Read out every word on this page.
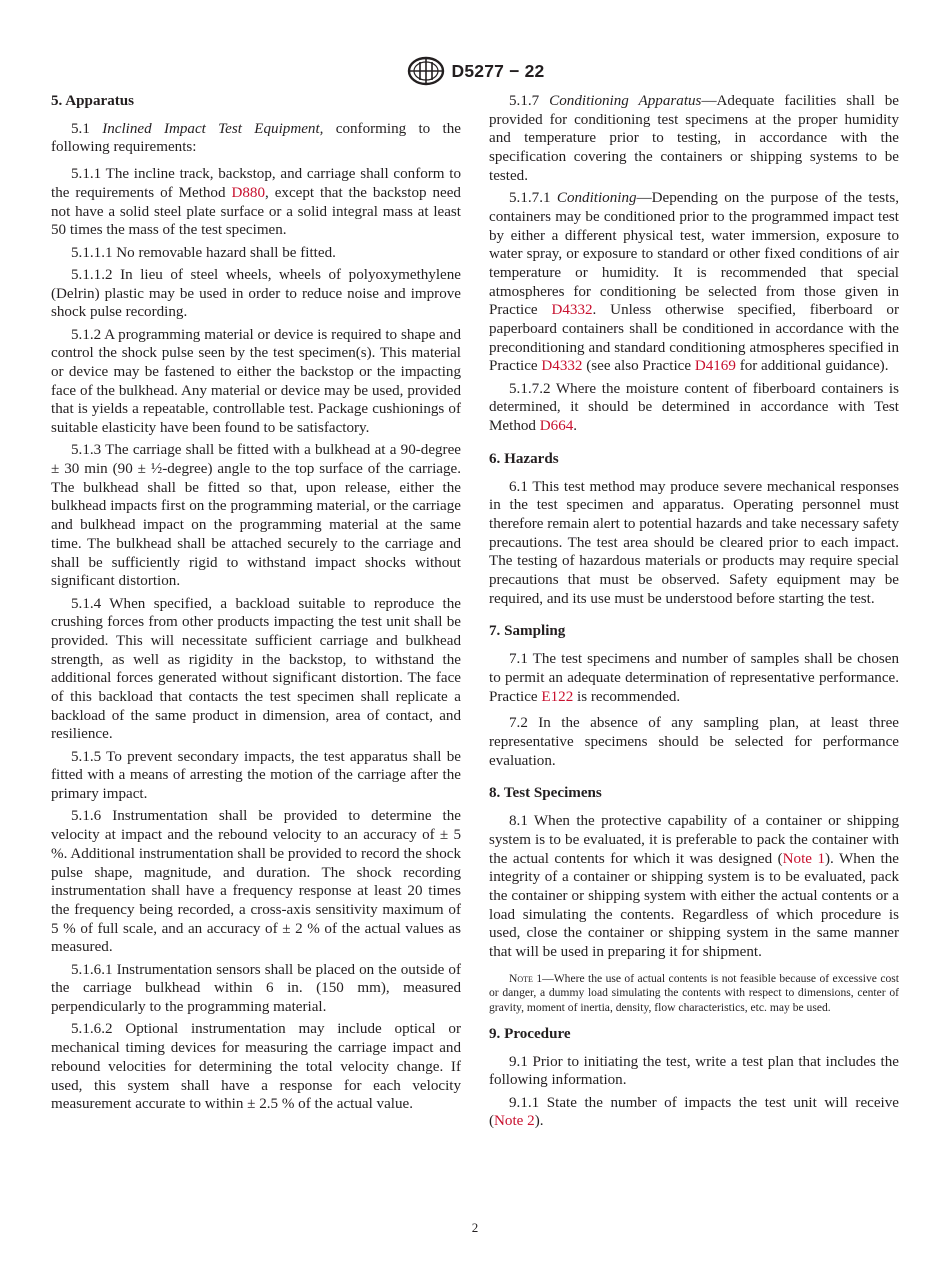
D5277 − 22
5. Apparatus

5.1 Inclined Impact Test Equipment, conforming to the following requirements:

5.1.1 The incline track, backstop, and carriage shall conform to the requirements of Method D880, except that the backstop need not have a solid steel plate surface or a solid integral mass at least 50 times the mass of the test specimen.

5.1.1.1 No removable hazard shall be fitted.

5.1.1.2 In lieu of steel wheels, wheels of polyoxymethylene (Delrin) plastic may be used in order to reduce noise and improve shock pulse recording.

5.1.2 A programming material or device is required to shape and control the shock pulse seen by the test specimen(s). This material or device may be fastened to either the backstop or the impacting face of the bulkhead. Any material or device may be used, provided that is yields a repeatable, controllable test. Package cushionings of suitable elasticity have been found to be satisfactory.

5.1.3 The carriage shall be fitted with a bulkhead at a 90-degree ± 30 min (90 ± ½-degree) angle to the top surface of the carriage. The bulkhead shall be fitted so that, upon release, either the bulkhead impacts first on the programming material, or the carriage and bulkhead impact on the programming material at the same time. The bulkhead shall be attached securely to the carriage and shall be sufficiently rigid to withstand impact shocks without significant distortion.

5.1.4 When specified, a backload suitable to reproduce the crushing forces from other products impacting the test unit shall be provided. This will necessitate sufficient carriage and bulkhead strength, as well as rigidity in the backstop, to withstand the additional forces generated without significant distortion. The face of this backload that contacts the test specimen shall replicate a backload of the same product in dimension, area of contact, and resilience.

5.1.5 To prevent secondary impacts, the test apparatus shall be fitted with a means of arresting the motion of the carriage after the primary impact.

5.1.6 Instrumentation shall be provided to determine the velocity at impact and the rebound velocity to an accuracy of ± 5 %. Additional instrumentation shall be provided to record the shock pulse shape, magnitude, and duration. The shock recording instrumentation shall have a frequency response at least 20 times the frequency being recorded, a cross-axis sensitivity maximum of 5 % of full scale, and an accuracy of ± 2 % of the actual values as measured.

5.1.6.1 Instrumentation sensors shall be placed on the outside of the carriage bulkhead within 6 in. (150 mm), measured perpendicularly to the programming material.

5.1.6.2 Optional instrumentation may include optical or mechanical timing devices for measuring the carriage impact and rebound velocities for determining the total velocity change. If used, this system shall have a response for each velocity measurement accurate to within ± 2.5 % of the actual value.

5.1.7 Conditioning Apparatus—Adequate facilities shall be provided for conditioning test specimens at the proper humidity and temperature prior to testing, in accordance with the specification covering the containers or shipping systems to be tested.

5.1.7.1 Conditioning—Depending on the purpose of the tests, containers may be conditioned prior to the programmed impact test by either a different physical test, water immersion, exposure to water spray, or exposure to standard or other fixed conditions of air temperature or humidity. It is recommended that special atmospheres for conditioning be selected from those given in Practice D4332. Unless otherwise specified, fiberboard or paperboard containers shall be conditioned in accordance with the preconditioning and standard conditioning atmospheres specified in Practice D4332 (see also Practice D4169 for additional guidance).

5.1.7.2 Where the moisture content of fiberboard containers is determined, it should be determined in accordance with Test Method D664.

6. Hazards

6.1 This test method may produce severe mechanical responses in the test specimen and apparatus. Operating personnel must therefore remain alert to potential hazards and take necessary safety precautions. The test area should be cleared prior to each impact. The testing of hazardous materials or products may require special precautions that must be observed. Safety equipment may be required, and its use must be understood before starting the test.

7. Sampling

7.1 The test specimens and number of samples shall be chosen to permit an adequate determination of representative performance. Practice E122 is recommended.

7.2 In the absence of any sampling plan, at least three representative specimens should be selected for performance evaluation.

8. Test Specimens

8.1 When the protective capability of a container or shipping system is to be evaluated, it is preferable to pack the container with the actual contents for which it was designed (Note 1). When the integrity of a container or shipping system is to be evaluated, pack the container or shipping system with either the actual contents or a load simulating the contents. Regardless of which procedure is used, close the container or shipping system in the same manner that will be used in preparing it for shipment.

Note 1—Where the use of actual contents is not feasible because of excessive cost or danger, a dummy load simulating the contents with respect to dimensions, center of gravity, moment of inertia, density, flow characteristics, etc. may be used.
9. Procedure

9.1 Prior to initiating the test, write a test plan that includes the following information.

9.1.1 State the number of impacts the test unit will receive (Note 2).

2
